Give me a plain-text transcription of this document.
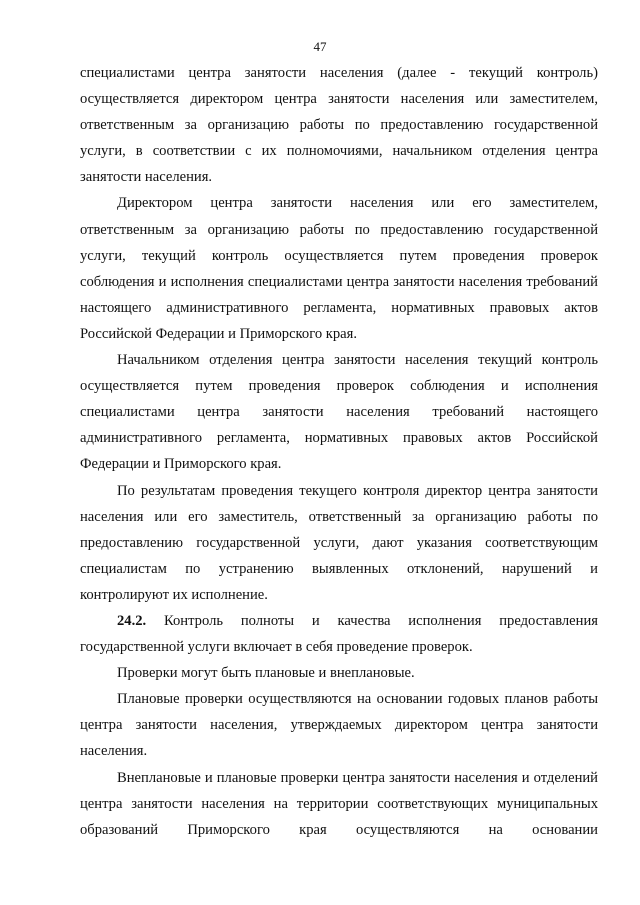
47

специалистами центра занятости населения (далее - текущий контроль) осуществляется директором центра занятости населения или заместителем, ответственным за организацию работы по предоставлению государственной услуги, в соответствии с их полномочиями, начальником отделения центра занятости населения.

Директором центра занятости населения или его заместителем, ответственным за организацию работы по предоставлению государственной услуги, текущий контроль осуществляется путем проведения проверок соблюдения и исполнения специалистами центра занятости населения требований настоящего административного регламента, нормативных правовых актов Российской Федерации и Приморского края.

Начальником отделения центра занятости населения текущий контроль осуществляется путем проведения проверок соблюдения и исполнения специалистами центра занятости населения требований настоящего административного регламента, нормативных правовых актов Российской Федерации и Приморского края.

По результатам проведения текущего контроля директор центра занятости населения или его заместитель, ответственный за организацию работы по предоставлению государственной услуги, дают указания соответствующим специалистам по устранению выявленных отклонений, нарушений и контролируют их исполнение.

24.2. Контроль полноты и качества исполнения предоставления государственной услуги включает в себя проведение проверок.

Проверки могут быть плановые и внеплановые.

Плановые проверки осуществляются на основании годовых планов работы центра занятости населения, утверждаемых директором центра занятости населения.

Внеплановые и плановые проверки центра занятости населения и отделений центра занятости населения на территории соответствующих муниципальных образований Приморского края осуществляются на основании
